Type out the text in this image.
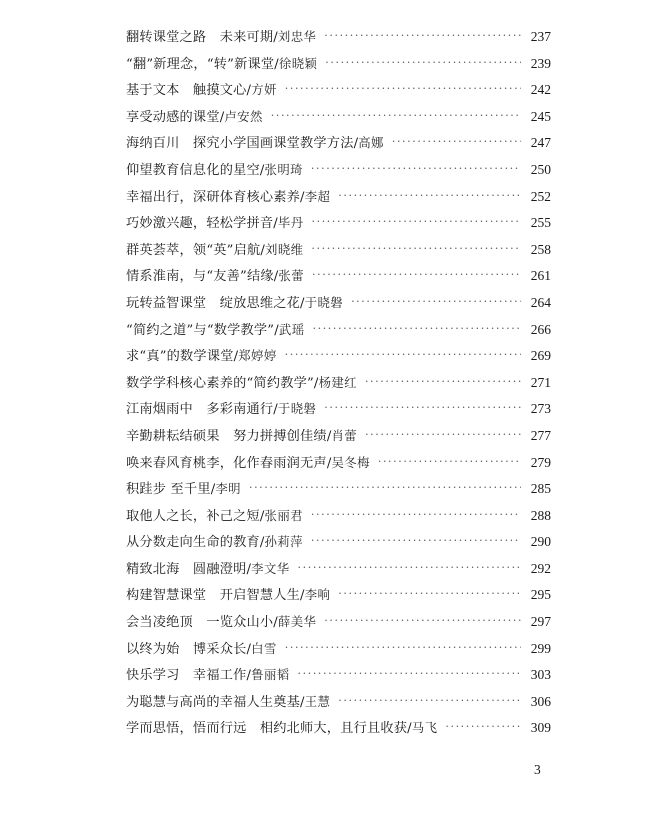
翻转课堂之路　未来可期 / 刘忠华 ·····	237
“翻”新理念，“转”新课堂 / 徐晓颖 ·····	239
基于文本　触摸文心 / 方妍 ·····	242
享受动感的课堂 / 卢安然 ·····	245
海纳百川　探究小学国画课堂教学方法 / 高娜 ·····	247
仰望教育信息化的星空 / 张明琦 ·····	250
幸福出行，深研体育核心素养 / 李超 ·····	252
巧妙激兴趣，轻松学拼音 / 毕丹 ·····	255
群英荟萃，领“英”启航 / 刘晓维 ·····	258
情系淮南，与“友善”结缘 / 张蕾 ·····	261
玩转益智课堂　绽放思维之花 / 于晓磐 ·····	264
“简约之道”与“数学教学” / 武瑶 ·····	266
求“真”的数学课堂 / 郑婷婷 ·····	269
数学学科核心素养的“简约教学” / 杨建红 ·····	271
江南烟雨中　多彩南通行 / 于晓磐 ·····	273
辛勤耕耘结硕果　努力拼搏创佳绩 / 肖蕾 ·····	277
唤来春风育桃李，化作春雨润无声 / 吴冬梅 ·····	279
积跬步 至千里 / 李明 ·····	285
取他人之长，补己之短 / 张丽君 ·····	288
从分数走向生命的教育 / 孙莉萍 ·····	290
精致北海　圆融澄明 / 李文华 ·····	292
构建智慧课堂　开启智慧人生 / 李响 ·····	295
会当凌绝顶　一览众山小 / 薛美华 ·····	297
以终为始　博采众长 / 白雪 ·····	299
快乐学习　幸福工作 / 鲁丽韬 ·····	303
为聪慧与高尚的幸福人生奠基 / 王慧 ·····	306
学而思悟，悟而行远　相约北师大，且行且收获 / 马飞 ·····	309
3
